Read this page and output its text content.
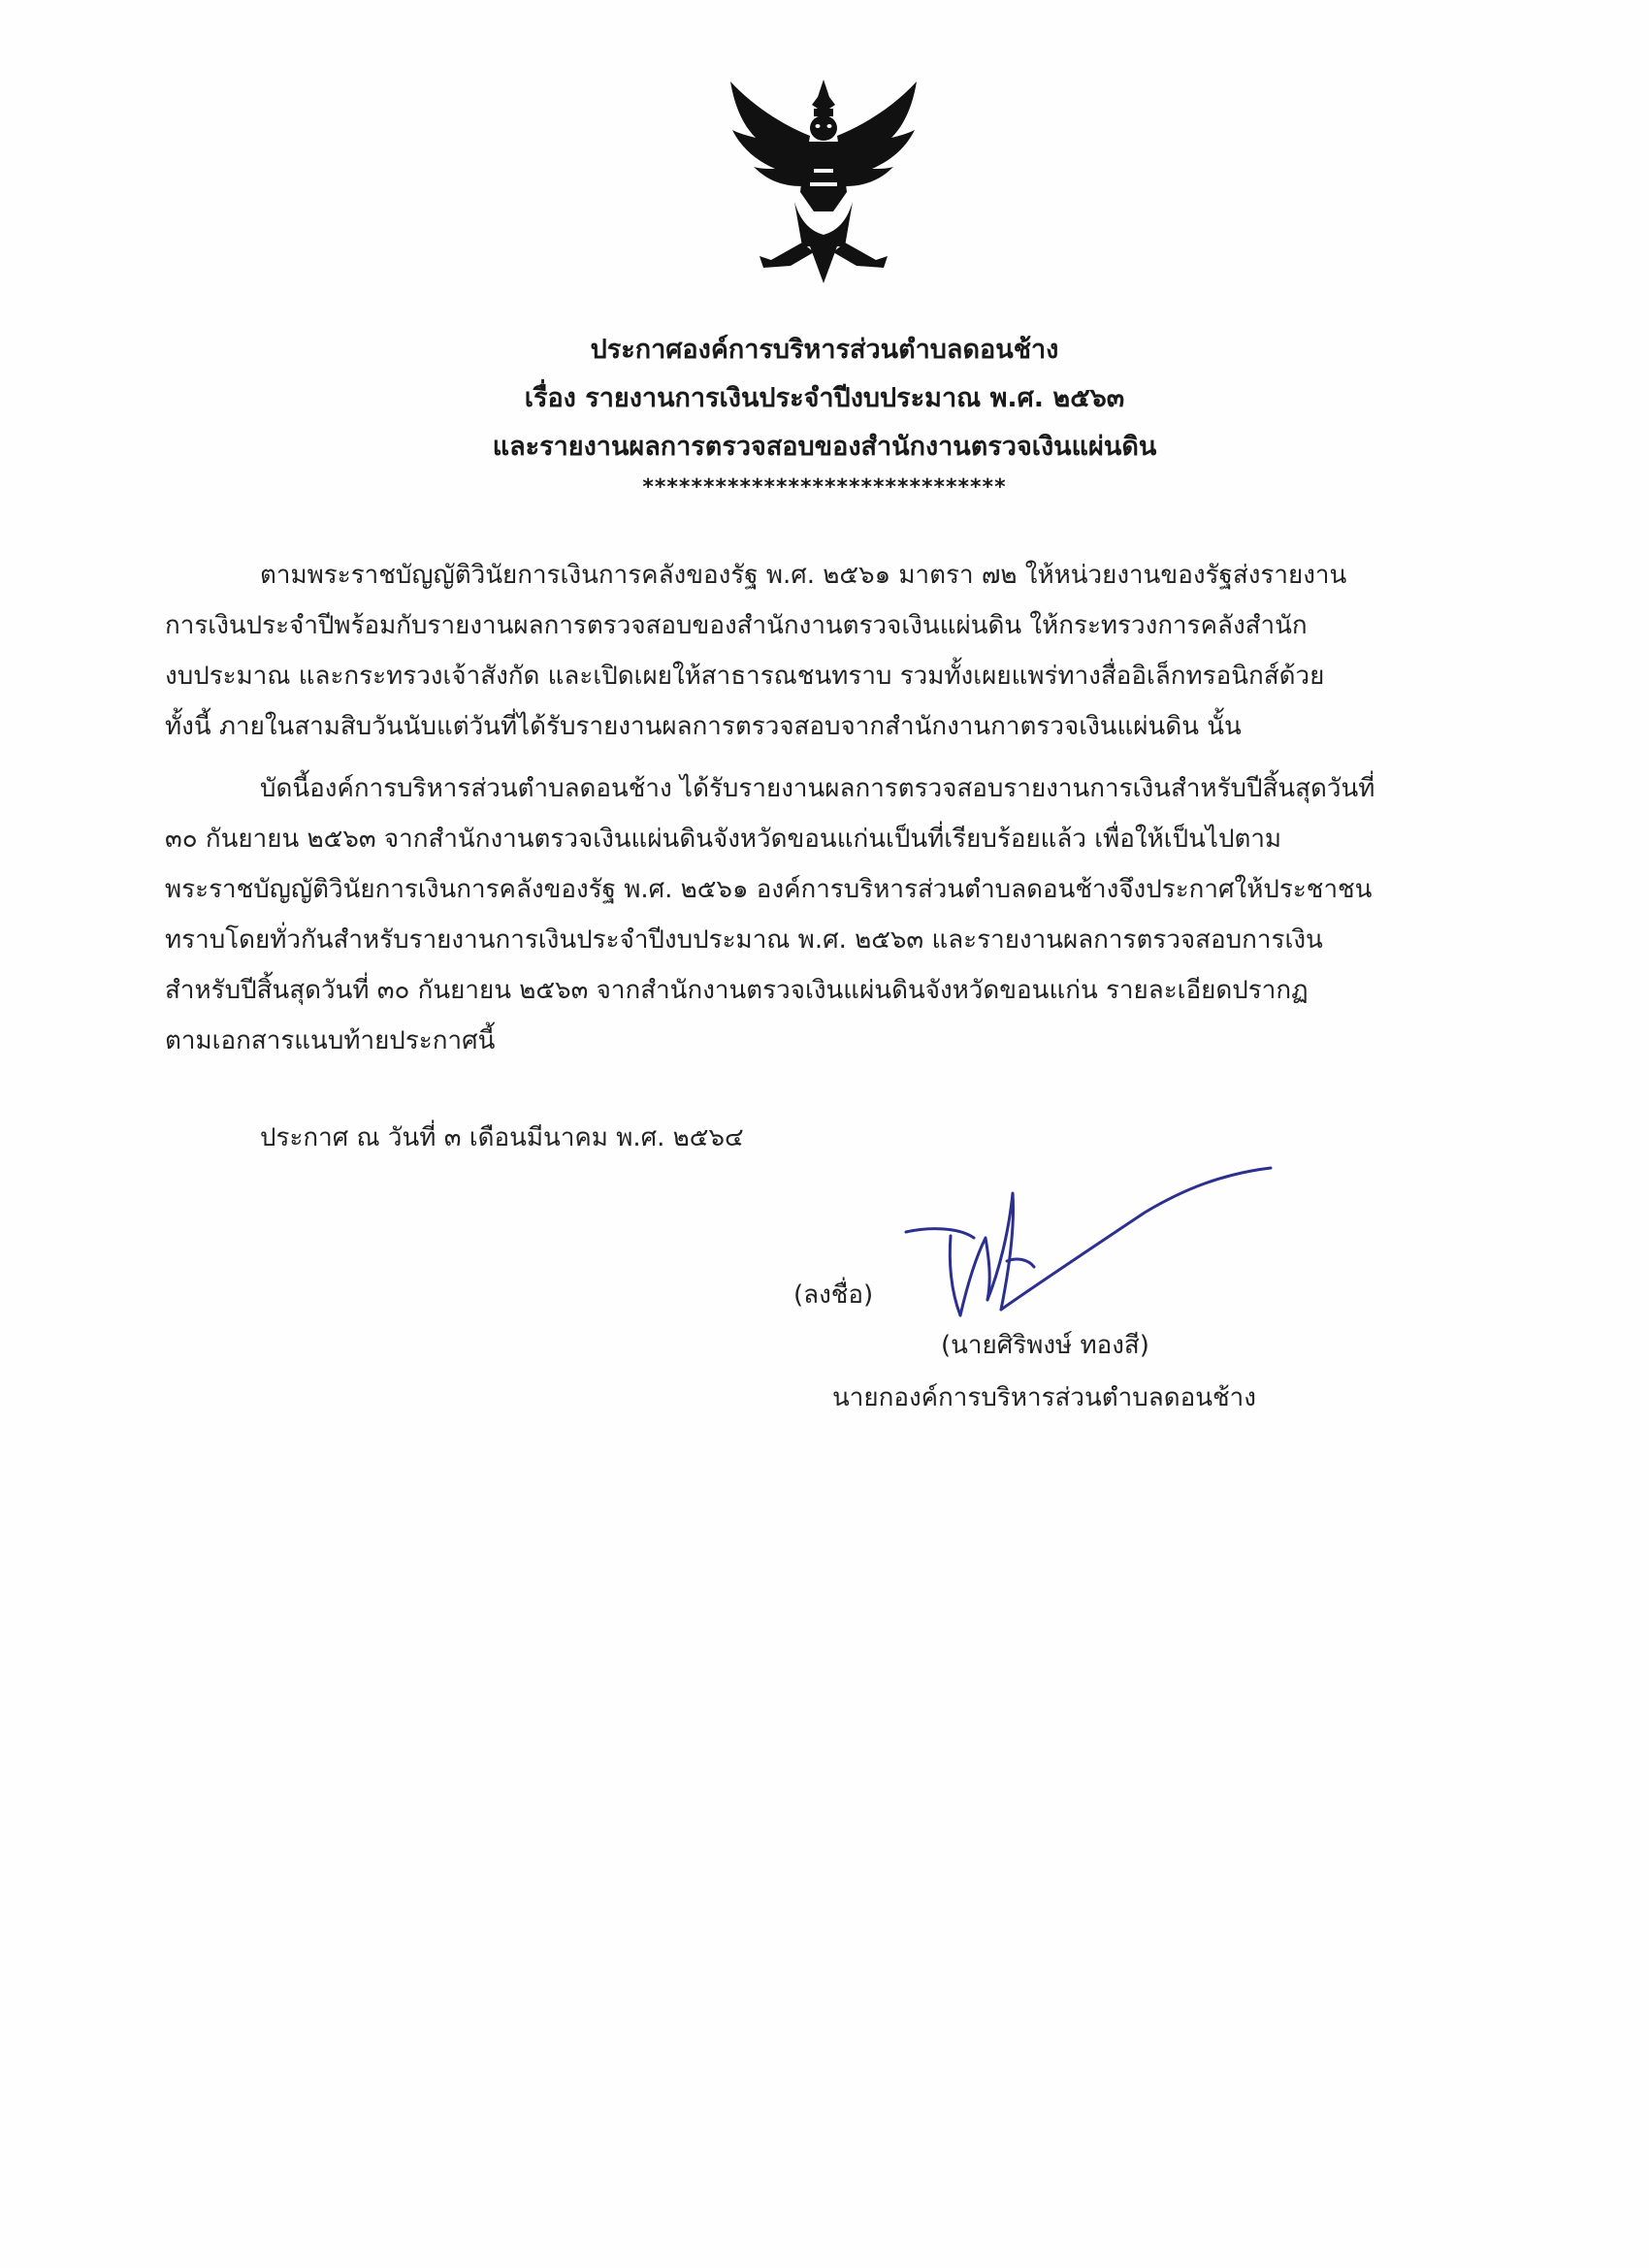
ประกาศองค์การบริหารส่วนตำบลดอนช้าง
เรื่อง รายงานการเงินประจำปีงบประมาณ พ.ศ. ๒๕๖๓
และรายงานผลการตรวจสอบของสำนักงานตรวจเงินแผ่นดิน
******************************
ตามพระราชบัญญัติวินัยการเงินการคลังของรัฐ พ.ศ. ๒๕๖๑ มาตรา ๗๒ ให้หน่วยงานของรัฐส่งรายงาน
การเงินประจำปีพร้อมกับรายงานผลการตรวจสอบของสำนักงานตรวจเงินแผ่นดิน ให้กระทรวงการคลังสำนัก
งบประมาณ และกระทรวงเจ้าสังกัด และเปิดเผยให้สาธารณชนทราบ รวมทั้งเผยแพร่ทางสื่ออิเล็กทรอนิกส์ด้วย
ทั้งนี้ ภายในสามสิบวันนับแต่วันที่ได้รับรายงานผลการตรวจสอบจากสำนักงานกาตรวจเงินแผ่นดิน นั้น
บัดนี้องค์การบริหารส่วนตำบลดอนช้าง ได้รับรายงานผลการตรวจสอบรายงานการเงินสำหรับปีสิ้นสุดวันที่
๓๐ กันยายน ๒๕๖๓ จากสำนักงานตรวจเงินแผ่นดินจังหวัดขอนแก่นเป็นที่เรียบร้อยแล้ว เพื่อให้เป็นไปตาม
พระราชบัญญัติวินัยการเงินการคลังของรัฐ พ.ศ. ๒๕๖๑ องค์การบริหารส่วนตำบลดอนช้างจึงประกาศให้ประชาชน
ทราบโดยทั่วกันสำหรับรายงานการเงินประจำปีงบประมาณ พ.ศ. ๒๕๖๓ และรายงานผลการตรวจสอบการเงิน
สำหรับปีสิ้นสุดวันที่ ๓๐ กันยายน ๒๕๖๓ จากสำนักงานตรวจเงินแผ่นดินจังหวัดขอนแก่น รายละเอียดปรากฏ
ตามเอกสารแนบท้ายประกาศนี้
ประกาศ ณ วันที่ ๓ เดือนมีนาคม พ.ศ. ๒๕๖๔
(ลงชื่อ)
(นายศิริพงษ์ ทองสี)
นายกองค์การบริหารส่วนตำบลดอนช้าง
